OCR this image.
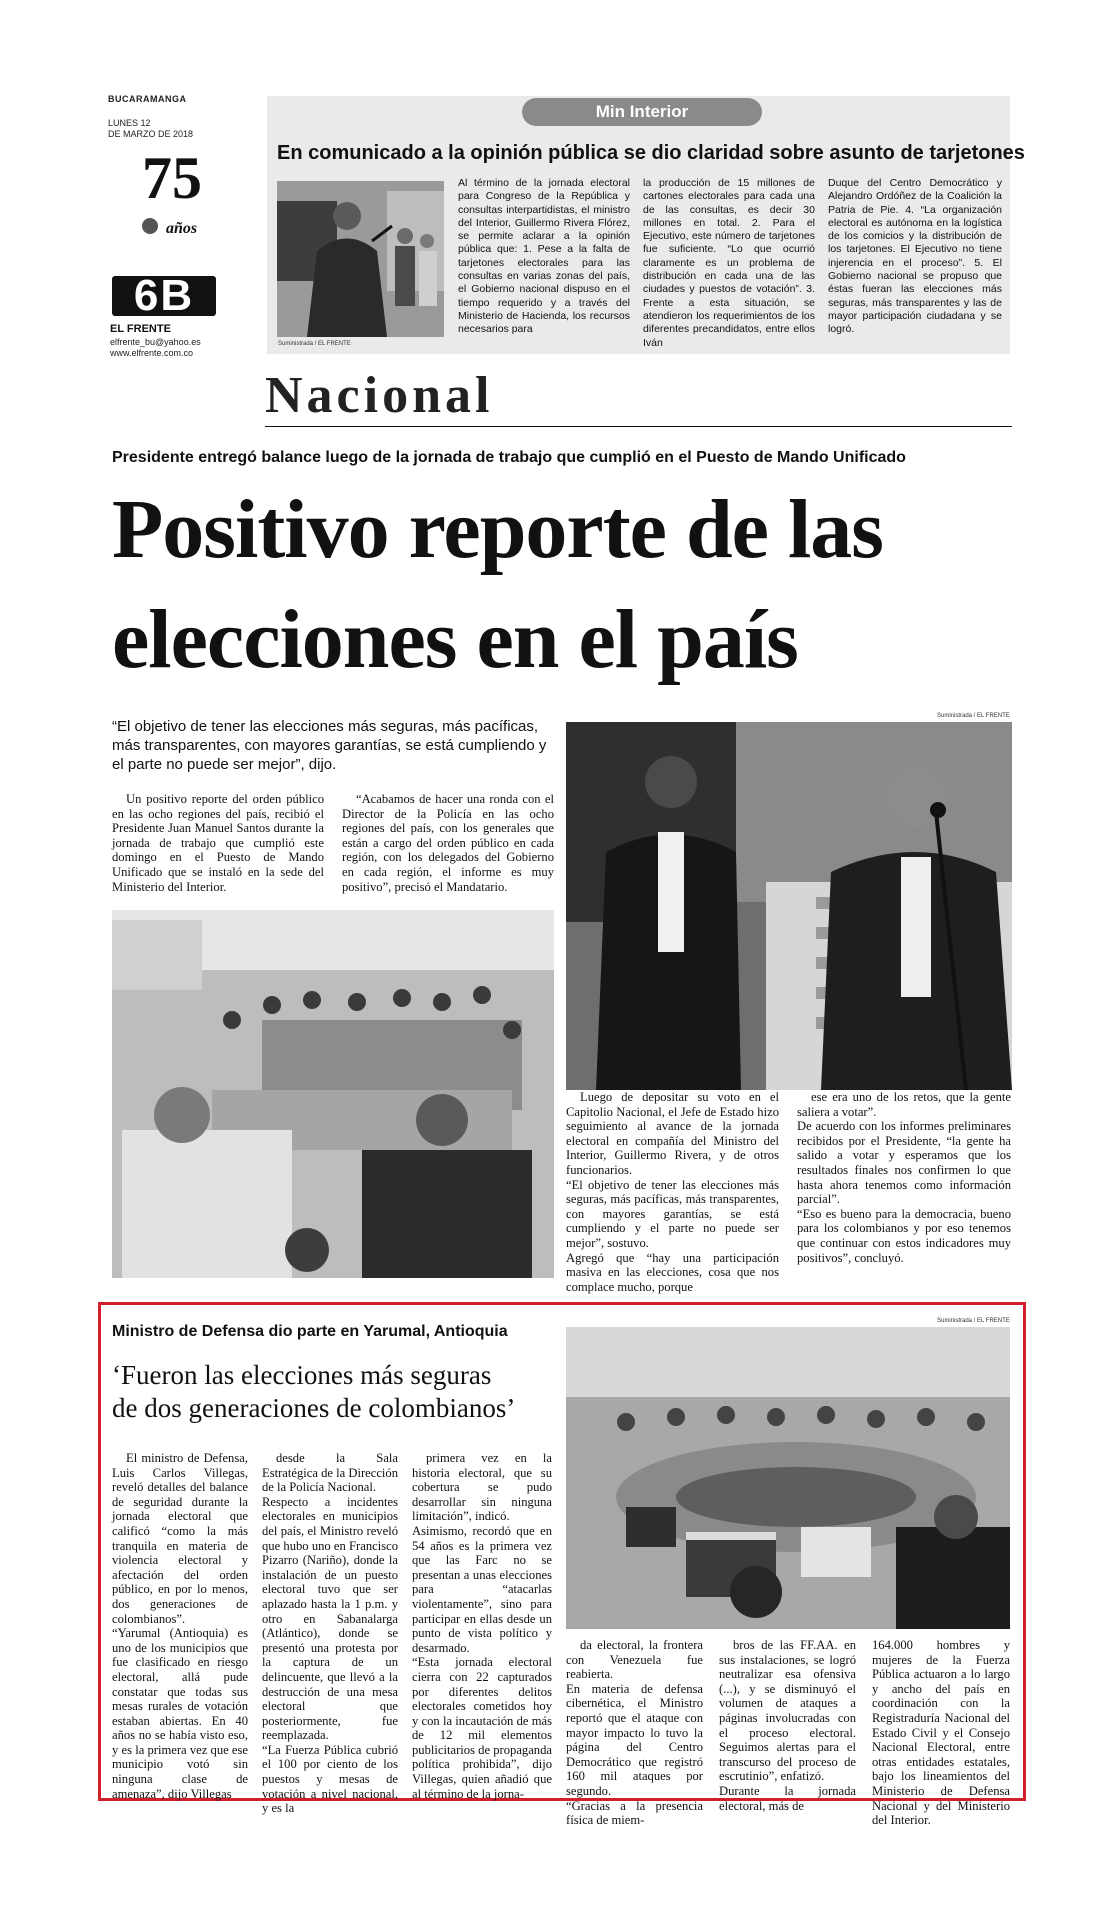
BUCARAMANGA
LUNES 12
DE MARZO DE 2018
75
años
6B
EL FRENTE
elfrente_bu@yahoo.es
www.elfrente.com.co
Min Interior
En comunicado a la opinión pública se dio claridad sobre asunto de tarjetones
Suministrada / EL FRENTE
Al término de la jornada electoral para Congreso de la República y consultas interpartidistas, el ministro del Interior, Guillermo Rivera Flórez, se permite aclarar a la opinión pública que: 1. Pese a la falta de tarjetones electorales para las consultas en varias zonas del país, el Gobierno nacional dispuso en el tiempo requerido y a través del Ministerio de Hacienda, los recursos necesarios para
la producción de 15 millones de cartones electorales para cada una de las consultas, es decir 30 millones en total. 2. Para el Ejecutivo, este número de tarjetones fue suficiente. “Lo que ocurrió claramente es un problema de distribución en cada una de las ciudades y puestos de votación”. 3. Frente a esta situación, se atendieron los requerimientos de los diferentes precandidatos, entre ellos Iván
Duque del Centro Democrático y Alejandro Ordóñez de la Coalición la Patria de Pie. 4. “La organización electoral es autónoma en la logística de los comicios y la distribución de los tarjetones. El Ejecutivo no tiene injerencia en el proceso”. 5. El Gobierno nacional se propuso que éstas fueran las elecciones más seguras, más transparentes y las de mayor participación ciudadana y se logró.
Nacional
Presidente entregó balance luego de la jornada de trabajo que cumplió en el Puesto de Mando Unificado
Positivo reporte de las
elecciones en el país
“El objetivo de tener las elecciones más seguras, más pacíficas, más transparentes, con mayores garantías, se está cumpliendo y el parte no puede ser mejor”, dijo.
Un positivo reporte del orden público en las ocho regiones del país, recibió el Presidente Juan Manuel Santos durante la jornada de trabajo que cumplió este domingo en el Puesto de Mando Unificado que se instaló en la sede del Ministerio del Interior.
“Acabamos de hacer una ronda con el Director de la Policía en las ocho regiones del país, con los generales que están a cargo del orden público en cada región, con los delegados del Gobierno en cada región, el informe es muy positivo”, precisó el Mandatario.
Suministrada / EL FRENTE
Luego de depositar su voto en el Capitolio Nacional, el Jefe de Estado hizo seguimiento al avance de la jornada electoral en compañía del Ministro del Interior, Guillermo Rivera, y de otros funcionarios.
“El objetivo de tener las elecciones más seguras, más pacíficas, más transparentes, con mayores garantías, se está cumpliendo y el parte no puede ser mejor”, sostuvo.
Agregó que “hay una participación masiva en las elecciones, cosa que nos complace mucho, porque
ese era uno de los retos, que la gente saliera a votar”.
De acuerdo con los informes preliminares recibidos por el Presidente, “la gente ha salido a votar y esperamos que los resultados finales nos confirmen lo que hasta ahora tenemos como información parcial”.
“Eso es bueno para la democracia, bueno para los colombianos y por eso tenemos que continuar con estos indicadores muy positivos”, concluyó.
Ministro de Defensa dio parte en Yarumal, Antioquia
‘Fueron las elecciones más seguras
de dos generaciones de colombianos’
Suministrada / EL FRENTE
El ministro de Defensa, Luis Carlos Villegas, reveló detalles del balance de seguridad durante la jornada electoral que calificó “como la más tranquila en materia de violencia electoral y afectación del orden público, en por lo menos, dos generaciones de colombianos”.
“Yarumal (Antioquia) es uno de los municipios que fue clasificado en riesgo electoral, allá pude constatar que todas sus mesas rurales de votación estaban abiertas. En 40 años no se había visto eso, y es la primera vez que ese municipio votó sin ninguna clase de amenaza”, dijo Villegas
desde la Sala Estratégica de la Dirección de la Policía Nacional.
Respecto a incidentes electorales en municipios del país, el Ministro reveló que hubo uno en Francisco Pizarro (Nariño), donde la instalación de un puesto electoral tuvo que ser aplazado hasta la 1 p.m. y otro en Sabanalarga (Atlántico), donde se presentó una protesta por la captura de un delincuente, que llevó a la destrucción de una mesa electoral que posteriormente, fue reemplazada.
“La Fuerza Pública cubrió el 100 por ciento de los puestos y mesas de votación a nivel nacional, y es la
primera vez en la historia electoral, que su cobertura se pudo desarrollar sin ninguna limitación”, indicó.
Asimismo, recordó que en 54 años es la primera vez que las Farc no se presentan a unas elecciones para “atacarlas violentamente”, sino para participar en ellas desde un punto de vista político y desarmado.
“Esta jornada electoral cierra con 22 capturados por diferentes delitos electorales cometidos hoy y con la incautación de más de 12 mil elementos publicitarios de propaganda política prohibida”, dijo Villegas, quien añadió que al término de la jorna-
da electoral, la frontera con Venezuela fue reabierta.
En materia de defensa cibernética, el Ministro reportó que el ataque con mayor impacto lo tuvo la página del Centro Democrático que registró 160 mil ataques por segundo.
“Gracias a la presencia física de miem-
bros de las FF.AA. en sus instalaciones, se logró neutralizar esa ofensiva (...), y se disminuyó el volumen de ataques a páginas involucradas con el proceso electoral. Seguimos alertas para el transcurso del proceso de escrutinio”, enfatizó.
Durante la jornada electoral, más de
164.000 hombres y mujeres de la Fuerza Pública actuaron a lo largo y ancho del país en coordinación con la Registraduría Nacional del Estado Civil y el Consejo Nacional Electoral, entre otras entidades estatales, bajo los lineamientos del Ministerio de Defensa Nacional y del Ministerio del Interior.
